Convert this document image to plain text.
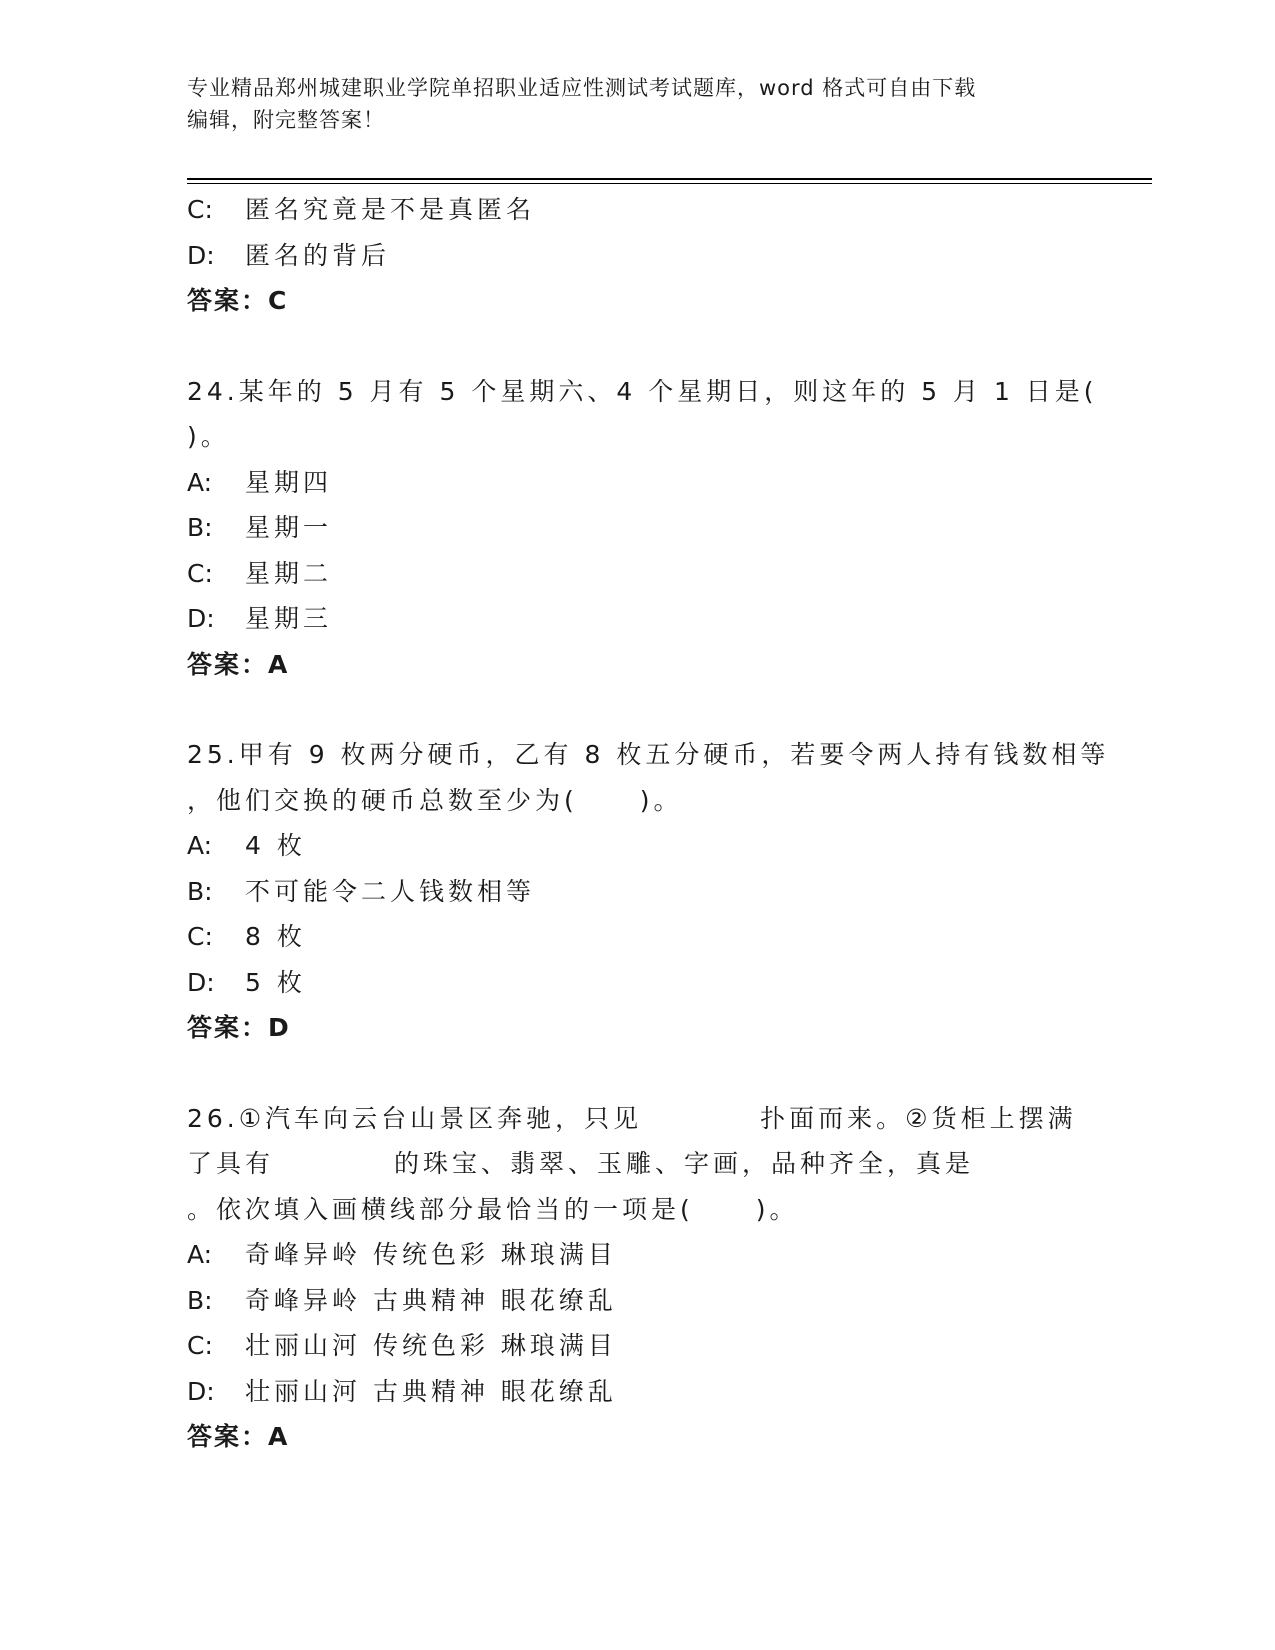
专业精品郑州城建职业学院单招职业适应性测试考试题库，word 格式可自由下载
编辑，附完整答案！
C: 匿名究竟是不是真匿名
D: 匿名的背后
答案：C
24.某年的 5 月有 5 个星期六、4 个星期日，则这年的 5 月 1 日是(
)。
A: 星期四
B: 星期一
C: 星期二
D: 星期三
答案：A
25.甲有 9 枚两分硬币，乙有 8 枚五分硬币，若要令两人持有钱数相等
，他们交换的硬币总数至少为( )。
A: 4 枚
B: 不可能令二人钱数相等
C: 8 枚
D: 5 枚
答案：D
26.①汽车向云台山景区奔驰，只见	扑面而来。②货柜上摆满
了具有	的珠宝、翡翠、玉雕、字画，品种齐全，真是
。依次填入画横线部分最恰当的一项是( )。
A: 奇峰异岭 传统色彩 琳琅满目
B: 奇峰异岭 古典精神 眼花缭乱
C: 壮丽山河 传统色彩 琳琅满目
D: 壮丽山河 古典精神 眼花缭乱
答案：A
